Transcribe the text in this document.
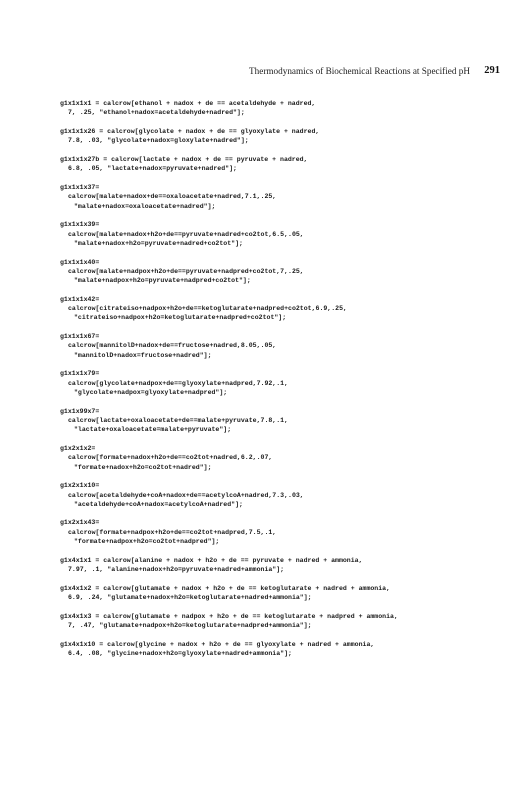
Thermodynamics of Biochemical Reactions at Specified pH 291
g1x1x1x1 = calcrow[ethanol + nadox + de == acetaldehyde + nadred,
7, .25, "ethanol+nadox=acetaldehyde+nadred"];
g1x1x1x26 = calcrow[glycolate + nadox + de == glyoxylate + nadred,
7.8, .03, "glycolate+nadox=gloxylate+nadred"];
g1x1x1x27b = calcrow[lactate + nadox + de == pyruvate + nadred,
6.8, .05, "lactate+nadox=pyruvate+nadred"];
g1x1x1x37=
calcrow[malate+nadox+de==oxaloacetate+nadred,7.1,.25,
"malate+nadox=oxaloacetate+nadred"];
g1x1x1x39=
calcrow[malate+nadox+h2o+de==pyruvate+nadred+co2tot,6.5,.05,
"malate+nadox+h2o=pyruvate+nadred+co2tot"];
g1x1x1x40=
calcrow[malate+nadpox+h2o+de==pyruvate+nadpred+co2tot,7,.25,
"malate+nadpox+h2o=pyruvate+nadpred+co2tot"];
g1x1x1x42=
calcrow[citrateiso+nadpox+h2o+de==ketoglutarate+nadpred+co2tot,6.9,.25,
"citrateiso+nadpox+h2o=ketoglutarate+nadpred+co2tot"];
g1x1x1x67=
calcrow[mannitolD+nadox+de==fructose+nadred,8.05,.05,
"mannitolD+nadox=fructose+nadred"];
g1x1x1x79=
calcrow[glycolate+nadpox+de==glyoxylate+nadpred,7.92,.1,
"glycolate+nadpox=glyoxylate+nadpred"];
g1x1x99x7=
calcrow[lactate+oxaloacetate+de==malate+pyruvate,7.8,.1,
"lactate+oxaloacetate=malate+pyruvate"];
g1x2x1x2=
calcrow[formate+nadox+h2o+de==co2tot+nadred,6.2,.07,
"formate+nadox+h2o=co2tot+nadred"];
g1x2x1x10=
calcrow[acetaldehyde+coA+nadox+de==acetylcoA+nadred,7.3,.03,
"acetaldehyde+coA+nadox=acetylcoA+nadred"];
g1x2x1x43=
calcrow[formate+nadpox+h2o+de==co2tot+nadpred,7.5,.1,
"formate+nadpox+h2o=co2tot+nadpred"];
g1x4x1x1 = calcrow[alanine + nadox + h2o + de == pyruvate + nadred + ammonia,
7.97, .1, "alanine+nadox+h2o=pyruvate+nadred+ammonia"];
g1x4x1x2 = calcrow[glutamate + nadox + h2o + de == ketoglutarate + nadred + ammonia,
6.9, .24, "glutamate+nadox+h2o=ketoglutarate+nadred+ammonia"];
g1x4x1x3 = calcrow[glutamate + nadpox + h2o + de == ketoglutarate + nadpred + ammonia,
7, .47, "glutamate+nadpox+h2o=ketoglutarate+nadpred+ammonia"];
g1x4x1x10 = calcrow[glycine + nadox + h2o + de == glyoxylate + nadred + ammonia,
6.4, .08, "glycine+nadox+h2o=glyoxylate+nadred+ammonia"];
